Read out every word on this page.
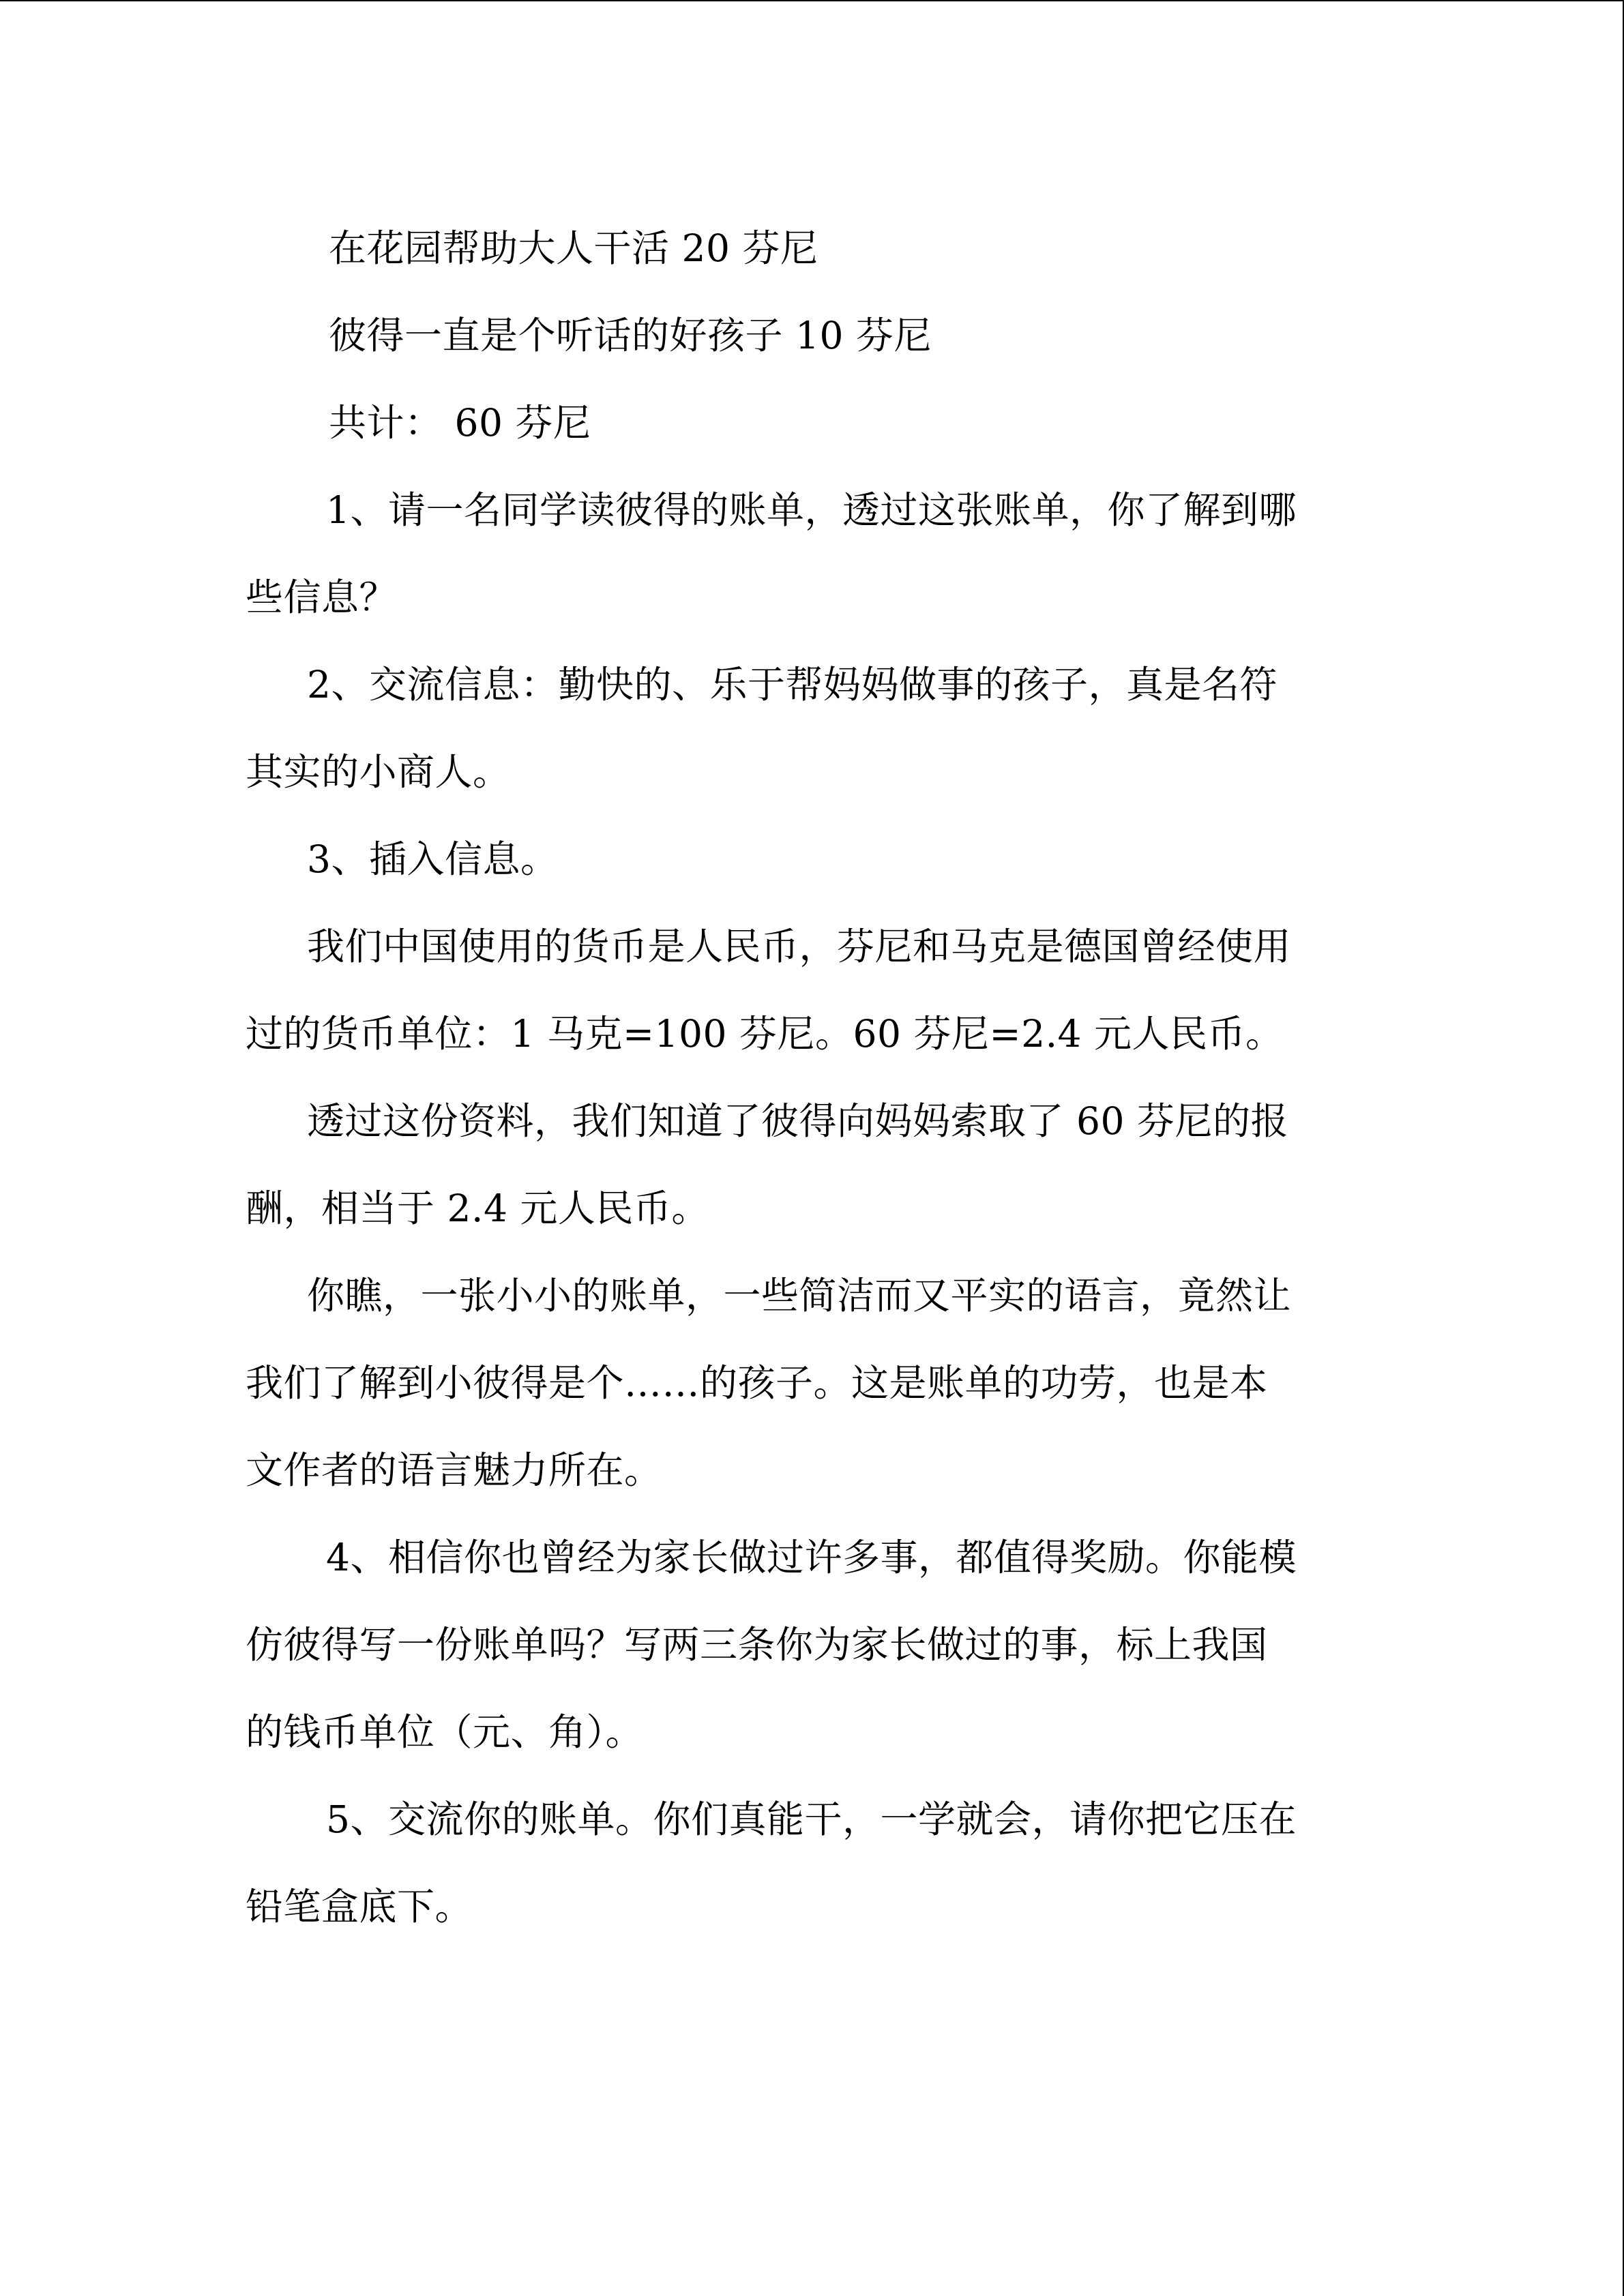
在花园帮助大人干活 20 芬尼

彼得一直是个听话的好孩子 10 芬尼

共计： 60 芬尼

1、请一名同学读彼得的账单，透过这张账单，你了解到哪

些信息？

2、交流信息：勤快的、乐于帮妈妈做事的孩子，真是名符

其实的小商人。

3、插入信息。

我们中国使用的货币是人民币，芬尼和马克是德国曾经使用

过的货币单位：1 马克=100 芬尼。60 芬尼=2.4 元人民币。

透过这份资料，我们知道了彼得向妈妈索取了 60 芬尼的报

酬，相当于 2.4 元人民币。

你瞧，一张小小的账单，一些简洁而又平实的语言，竟然让

我们了解到小彼得是个……的孩子。这是账单的功劳，也是本

文作者的语言魅力所在。

4、相信你也曾经为家长做过许多事，都值得奖励。你能模

仿彼得写一份账单吗？写两三条你为家长做过的事，标上我国

的钱币单位（元、角）。

5、交流你的账单。你们真能干，一学就会，请你把它压在

铅笔盒底下。
